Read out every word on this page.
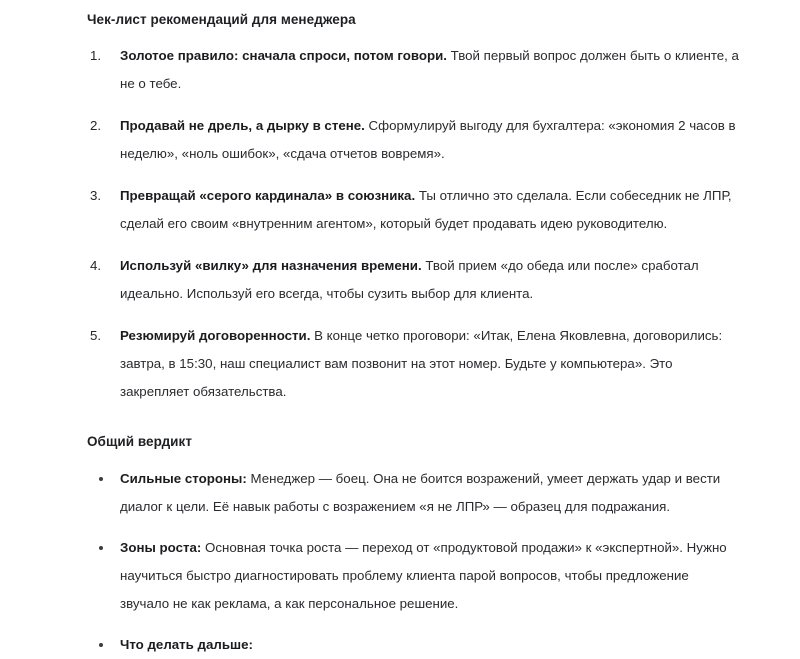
Чек-лист рекомендаций для менеджера
1.	Золотое правило: сначала спроси, потом говори. Твой первый вопрос должен быть о клиенте, а не о тебе.
2.	Продавай не дрель, а дырку в стене. Сформулируй выгоду для бухгалтера: «экономия 2 часов в неделю», «ноль ошибок», «сдача отчетов вовремя».
3.	Превращай «серого кардинала» в союзника. Ты отлично это сделала. Если собеседник не ЛПР, сделай его своим «внутренним агентом», который будет продавать идею руководителю.
4.	Используй «вилку» для назначения времени. Твой прием «до обеда или после» сработал идеально. Используй его всегда, чтобы сузить выбор для клиента.
5.	Резюмируй договоренности. В конце четко проговори: «Итак, Елена Яковлевна, договорились: завтра, в 15:30, наш специалист вам позвонит на этот номер. Будьте у компьютера». Это закрепляет обязательства.
Общий вердикт
Сильные стороны: Менеджер — боец. Она не боится возражений, умеет держать удар и вести диалог к цели. Её навык работы с возражением «я не ЛПР» — образец для подражания.
Зоны роста: Основная точка роста — переход от «продуктовой продажи» к «экспертной». Нужно научиться быстро диагностировать проблему клиента парой вопросов, чтобы предложение звучало не как реклама, а как персональное решение.
Что делать дальше:
